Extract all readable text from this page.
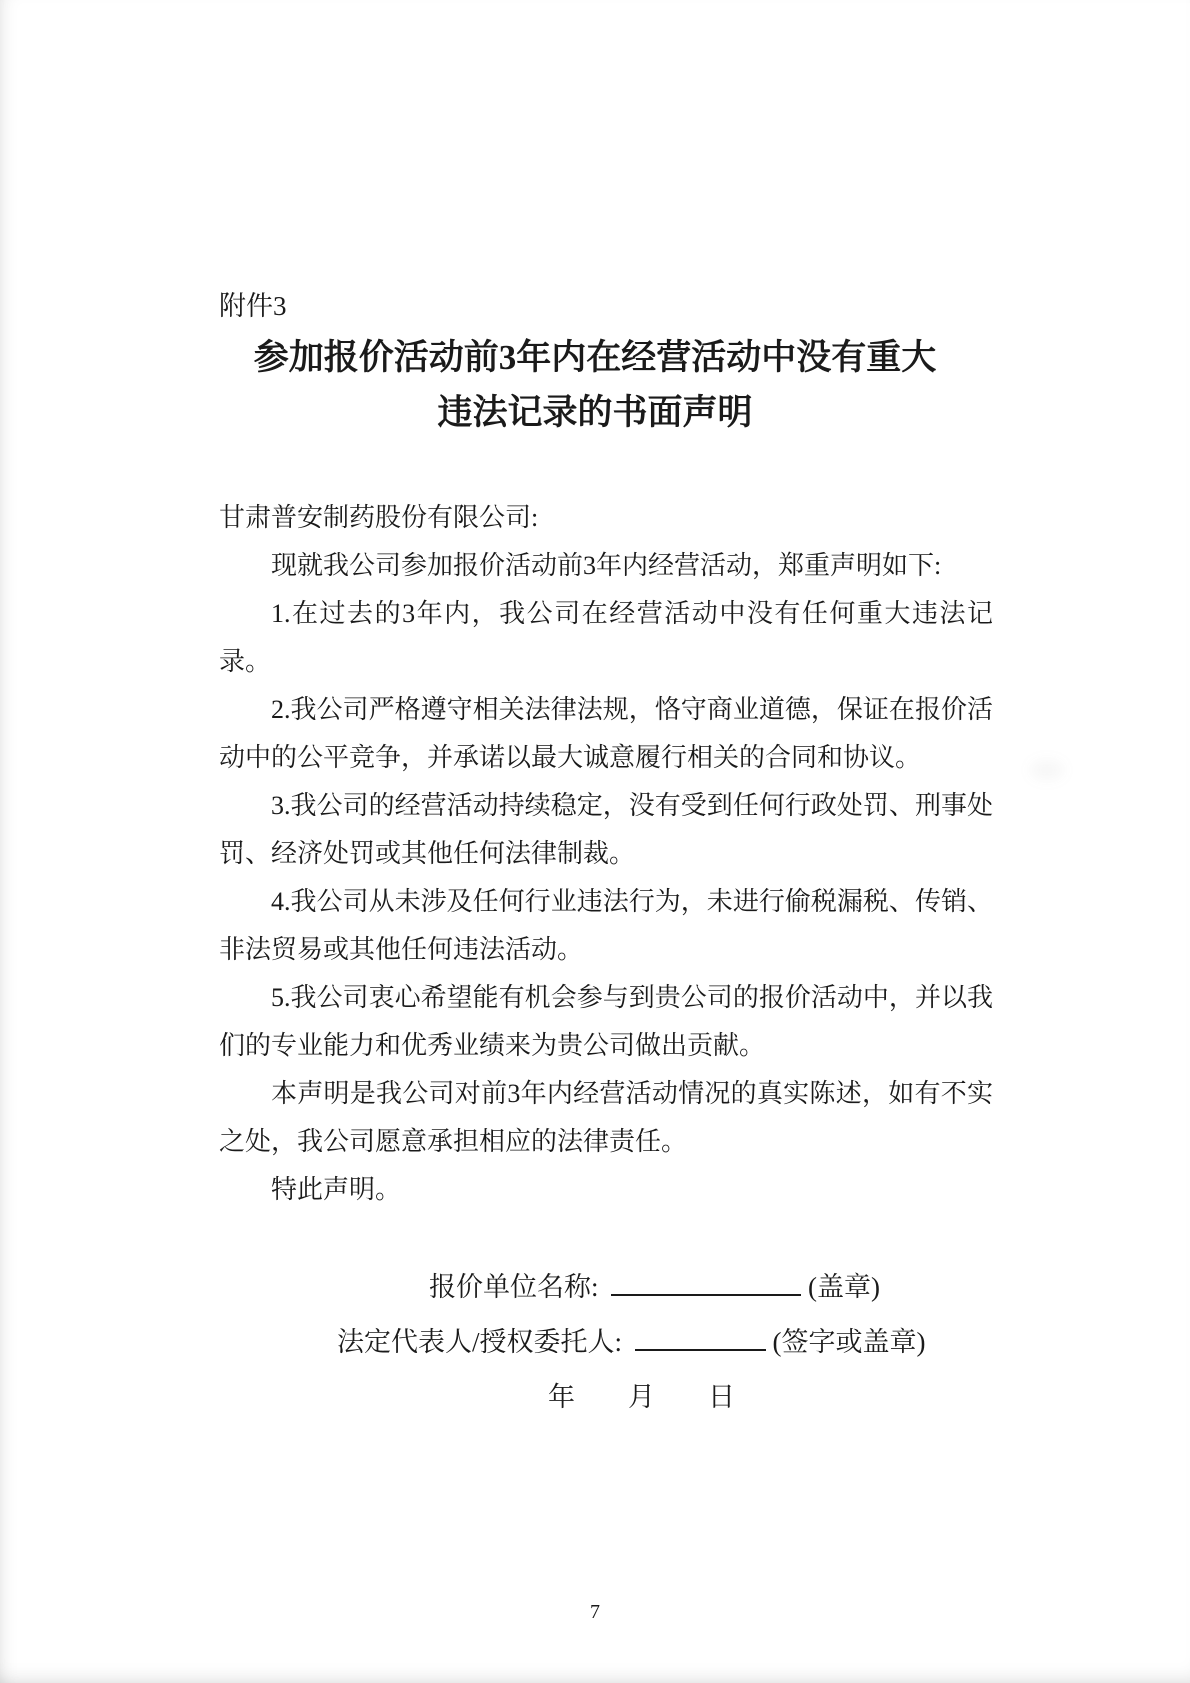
附件3
参加报价活动前3年内在经营活动中没有重大违法记录的书面声明

甘肃普安制药股份有限公司:

现就我公司参加报价活动前3年内经营活动，郑重声明如下:

1.在过去的3年内，我公司在经营活动中没有任何重大违法记录。

2.我公司严格遵守相关法律法规，恪守商业道德，保证在报价活动中的公平竞争，并承诺以最大诚意履行相关的合同和协议。

3.我公司的经营活动持续稳定，没有受到任何行政处罚、刑事处罚、经济处罚或其他任何法律制裁。

4.我公司从未涉及任何行业违法行为，未进行偷税漏税、传销、非法贸易或其他任何违法活动。

5.我公司衷心希望能有机会参与到贵公司的报价活动中，并以我们的专业能力和优秀业绩来为贵公司做出贡献。

本声明是我公司对前3年内经营活动情况的真实陈述，如有不实之处，我公司愿意承担相应的法律责任。

特此声明。

报价单位名称:	(盖章)
法定代表人/授权委托人:	(签字或盖章)
年 月 日
7
